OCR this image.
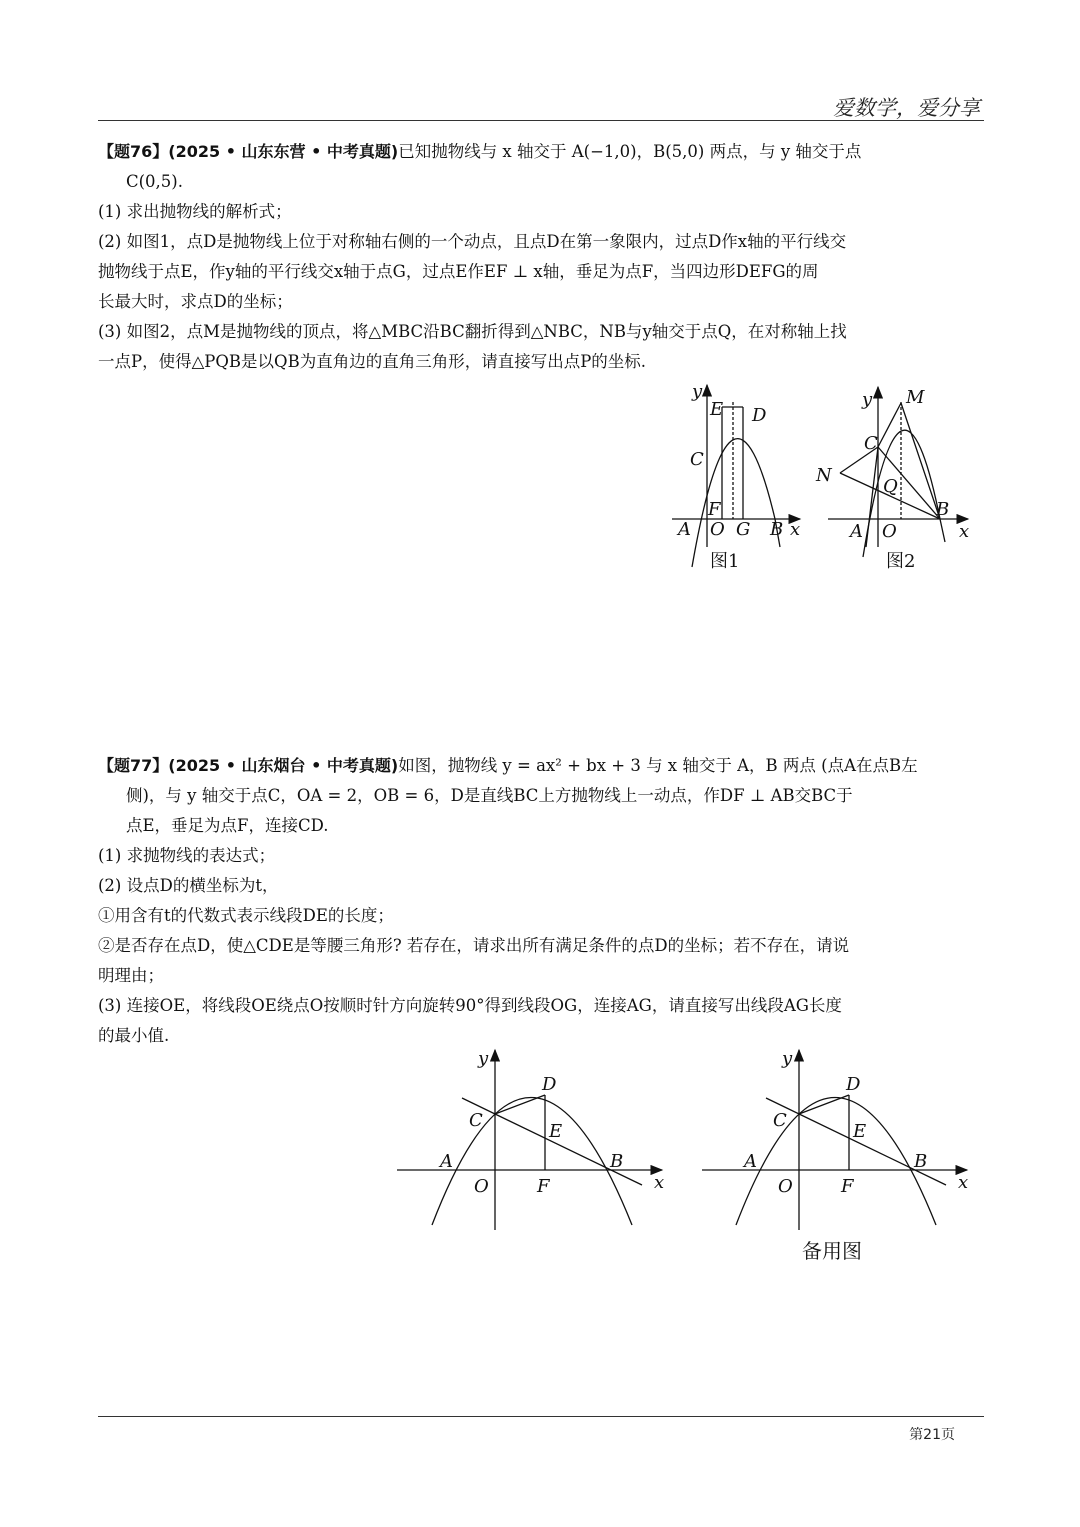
爱数学，爱分享

【题76】(2025 • 山东东营 • 中考真题)已知抛物线与 x 轴交于 A(−1,0)，B(5,0) 两点，与 y 轴交于点

C(0,5).

(1) 求出抛物线的解析式；

(2) 如图1，点D是抛物线上位于对称轴右侧的一个动点，且点D在第一象限内，过点D作x轴的平行线交

抛物线于点E，作y轴的平行线交x轴于点G，过点E作EF ⊥ x轴，垂足为点F，当四边形DEFG的周

长最大时，求点D的坐标；

(3) 如图2，点M是抛物线的顶点，将△MBC沿BC翻折得到△NBC，NB与y轴交于点Q，在对称轴上找

一点P，使得△PQB是以QB为直角边的直角三角形，请直接写出点P的坐标.

y
E D
C
F
A O G B x
图1
y M
C
N
Q
B
A O	x
图2

【题77】(2025 • 山东烟台 • 中考真题)如图，抛物线 y = ax² + bx + 3 与 x 轴交于 A，B 两点 (点A在点B左

侧)，与 y 轴交于点C，OA = 2，OB = 6，D是直线BC上方抛物线上一动点，作DF ⊥ AB交BC于

点E，垂足为点F，连接CD.

(1) 求抛物线的表达式；

(2) 设点D的横坐标为t，

①用含有t的代数式表示线段DE的长度；

②是否存在点D，使△CDE是等腰三角形? 若存在，请求出所有满足条件的点D的坐标；若不存在，请说

明理由；

(3) 连接OE，将线段OE绕点O按顺时针方向旋转90°得到线段OG，连接AG，请直接写出线段AG长度

的最小值.

y
D
C
E
A	B
O	F	x
y
D
C
E
A	B
O	F	x
备用图
第21页
